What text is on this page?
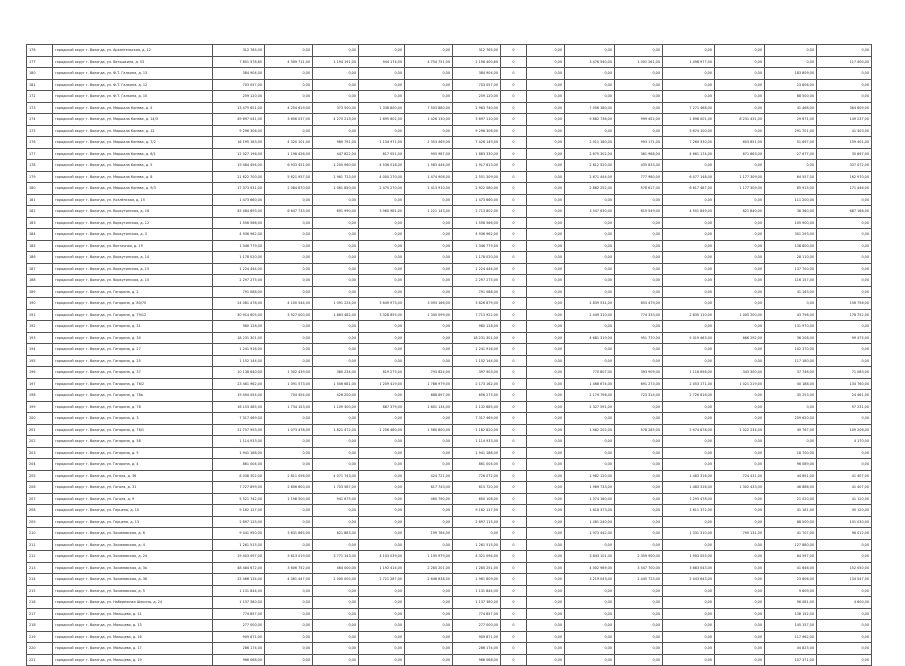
176	городской округ г. Вологда, ул. Архангельская, д. 12	312 765,00	0,00	0,00	0,00	0,00	312 765,00	0	0,00	0,00	0,00	0,00	0,00	0,00	0,00
177	городской округ г. Вологда, ул. Ветошкина, д. 53	7 851 578,60	4 309 711,00	1 194 191,00	944 174,00	4 754 751,00	2 196 400,60	0	0,00	3 476 540,00	1 001 261,00	1 498 977,00	0,00	0,00	117 400,00
180	городской округ г. Вологда, ул. Ф.Т. Галкина, д. 13	384 904,00	0,00	0,00	0,00	0,00	384 904,00	0	0,00	0,00	0,00	0,00	0,00	183 809,00	0,00
181	городской округ г. Вологда, ул. Ф.Т. Галкина, д. 12	703 057,00	0,00	0,00	0,00	0,00	703 057,00	0	0,00	0,00	0,00	0,00	0,00	23 806,00	0,00
172	городской округ г. Вологда, ул. Ф.Т. Галкина, д. 10	259 120,00	0,00	0,00	0,00	0,00	259 120,00	0	0,00	0,00	0,00	0,00	0,00	88 500,00	0,00
173	городской округ г. Вологда, ул. Маршала Конева, д. 4	13 475 651,00	4 254 619,00	373 500,00	1 338 800,00	7 503 880,00	1 963 740,00	0	0,00	7 056 180,00	0,00	7 271 468,00	0,00	41 468,00	364 609,00
174	городской округ г. Вологда, ул. Маршала Конева, д. 14/3	49 697 041,00	3 656 037,00	4 270 213,00	1 695 602,00	1 426 130,00	3 697 110,00	0	0,00	9 882 736,00	999 452,00	1 698 001,00	8 231 431,00	29 671,00	149 237,00
175	городской округ г. Вологда, ул. Маршала Конева, д. 12	9 296 306,00	0,00	0,00	0,00	0,00	9 296 306,00	0	0,00	0,00	0,00	5 674 100,00	0,00	291 701,00	41 303,00
176	городской округ г. Вологда, ул. Маршала Конева, д. 7/2	16 195 183,00	4 320 101,00	989 791,00	1 134 971,00	2 353 469,00	7 428 149,00	0	0,00	2 011 180,00	993 171,00	7 260 330,00	603 851,00	51 697,00	159 401,00
177	городской округ г. Вологда, ул. Маршала Конева, д. 6/1	12 027 196,00	1 198 426,00	447 822,00	817 051,00	905 987,00	1 883 330,00	0	0,00	2 675 302,00	361 988,00	4 661 174,00	671 663,00	27 677,00	35 697,00
178	городской округ г. Вологда, ул. Маршала Конева, д. 5	19 484 494,00	6 933 451,00	1 200 960,00	4 536 018,00	1 583 444,00	1 917 613,00	0	0,00	2 612 520,00	435 833,00	0,00	0,00	0,00	337 072,00
179	городской округ г. Вологда, ул. Маршала Конева, д. 8	21 622 700,00	5 621 957,00	1 961 723,00	4 000 270,00	1 474 908,00	2 551 309,00	0	0,00	2 671 444,00	777 980,00	6 477 148,00	1 177 309,00	64 557,00	162 970,00
180	городской округ г. Вологда, ул. Маршала Конева, д. 9/3	17 373 931,00	2 084 870,00	1 061 850,00	2 475 270,00	1 413 910,00	2 922 080,00	0	0,00	2 862 252,00	578 617,00	6 617 487,00	1 177 309,00	65 915,00	171 446,00
181	городской округ г. Вологда, ул. Козлёнская, д. 15	1 473 660,00	0,00	0,00	0,00	0,00	1 473 660,00	0	0,00	0,00	0,00	0,00	0,00	111 200,00	0,00
182	городской округ г. Вологда, ул. Воркутинская, д. 16	45 484 693,00	6 647 733,00	691 990,00	3 960 981,00	1 221 143,00	2 713 802,00	0	0,00	3 547 630,00	619 549,00	4 551 849,00	821 840,00	36 360,00	687 168,00
183	городской округ г. Вологда, ул. Воркутинская, д. 12	1 556 566,00	0,00	0,00	0,00	0,00	1 556 566,00	0	0,00	0,00	0,00	0,00	0,00	105 900,00	0,00
184	городской округ г. Вологда, ул. Воркутинская, д. 3	4 936 962,00	0,00	0,00	0,00	0,00	4 936 962,00	0	0,00	0,00	0,00	0,00	0,00	301 293,00	0,00
185	городской округ г. Вологда, ул. Восточная, д. 19	1 346 779,00	0,00	0,00	0,00	0,00	1 346 779,00	0	0,00	0,00	0,00	0,00	0,00	138 600,00	0,00
186	городской округ г. Вологда, ул. Воркутинская, д. 14	1 178 020,00	0,00	0,00	0,00	0,00	1 178 020,00	0	0,00	0,00	0,00	0,00	0,00	28 110,00	0,00
187	городской округ г. Вологда, ул. Воркутинская, д. 15	1 224 444,00	0,00	0,00	0,00	0,00	1 224 444,00	0	0,00	0,00	0,00	0,00	0,00	137 700,00	0,00
188	городской округ г. Вологда, ул. Воркутинская, д. 10	2 297 275,00	0,00	0,00	0,00	0,00	2 297 275,00	0	0,00	0,00	0,00	0,00	0,00	116 157,00	0,00
189	городской округ г. Вологда, ул. Гагарина, д. 2	791 088,00	0,00	0,00	0,00	0,00	791 088,00	0	0,00	0,00	0,00	0,00	0,00	41 163,00	0,00
190	городской округ г. Вологда, ул. Гагарина, д. 80/70	24 081 478,00	4 100 544,00	1 091 224,00	3 649 973,00	3 093 166,00	3 826 879,00	0	0,00	2 839 531,00	653 479,00	0,00	0,00	0,00	156 756,00
191	городской округ г. Вологда, ул. Гагарина, д. 79/12	30 914 605,00	3 927 000,00	1 863 482,00	3 328 855,00	1 345 099,00	7 713 922,00	0	0,00	2 449 310,00	774 333,00	2 835 110,00	1 005 200,00	43 796,00	178 752,00
192	городской округ г. Вологда, ул. Гагарина, д. 31	980 128,00	0,00	0,00	0,00	0,00	980 128,00	0	0,00	0,00	0,00	0,00	0,00	131 970,00	0,00
193	городской округ г. Вологда, ул. Гагарина, д. 30	18 231 301,00	0,00	0,00	0,00	0,00	18 231 301,00	0	0,00	4 681 319,00	951 770,00	5 019 463,00	666 292,00	36 208,00	99 475,00
194	городской округ г. Вологда, ул. Гагарина, д. 27	1 241 916,00	0,00	0,00	0,00	0,00	1 241 916,00	0	0,00	0,00	0,00	0,00	0,00	102 370,00	0,00
195	городской округ г. Вологда, ул. Гагарина, д. 25	1 152 144,00	0,00	0,00	0,00	0,00	1 152 144,00	0	0,00	0,00	0,00	0,00	0,00	117 180,00	0,00
196	городской округ г. Вологда, ул. Гагарина, д. 37	10 138 640,00	1 302 439,00	380 234,00	819 275,00	793 824,00	397 903,00	0	0,00	770 807,00	393 909,00	1 118 656,00	343 300,00	37 746,00	71 083,00
197	городской округ г. Вологда, ул. Гагарина, д. 76/2	23 461 962,00	1 091 573,00	1 506 681,00	1 209 419,00	1 786 979,00	2 173 162,00	0	0,00	1 468 674,00	691 273,00	2 453 171,00	1 021 219,00	40 188,00	134 760,00
198	городской округ г. Вологда, ул. Гагарина, д. 78а	19 494 054,00	704 454,00	426 200,00	0,00	688 697,00	656 275,00	0	0,00	2 174 796,00	723 314,00	2 726 616,00	0,00	35 253,00	24 461,00
199	городской округ г. Вологда, ул. Гагарина, д. 78	16 153 485,00	1 734 153,00	1 109 300,00	887 379,00	1 601 134,00	2 132 885,00	0	0,00	2 327 591,00	0,00	0,00	0,00	0,00	97 231,00
200	городской округ г. Вологда, ул. Гагарина, д. 3	7 317 469,00	0,00	0,00	0,00	0,00	7 317 469,00	0	0,00	0,00	0,00	0,00	0,00	259 620,00	0,00
201	городской округ г. Вологда, ул. Гагарина, д. 76/1	21 757 993,00	1 073 478,00	1 821 472,00	1 256 460,00	1 560 800,00	1 182 820,00	0	0,00	1 462 202,00	578 285,00	2 474 678,00	1 022 234,00	49 767,00	109 206,00
202	городской округ г. Вологда, ул. Гагарина, д. 58	1 114 933,00	0,00	0,00	0,00	0,00	1 114 933,00	0	0,00	0,00	0,00	0,00	0,00	0,00	4 170,00
203	городской округ г. Вологда, ул. Гагарина, д. 5	1 941 188,00	0,00	0,00	0,00	0,00	1 941 188,00	0	0,00	0,00	0,00	0,00	0,00	18 700,00	0,00
204	городской округ г. Вологда, ул. Гагарина, д. 4	861 004,00	0,00	0,00	0,00	0,00	861 004,00	0	0,00	0,00	0,00	0,00	0,00	96 089,00	0,00
205	городской округ г. Вологда, ул. Гоголя, д. 36	8 038 302,00	2 811 056,00	4 071 743,00	0,00	424 721,00	726 072,00	0	0,00	1 982 120,00	0,00	1 483 316,00	724 431,00	44 891,00	41 407,00
206	городской округ г. Вологда, ул. Гоголя, д. 31	7 727 899,00	2 806 600,00	1 703 587,00	0,00	617 743,00	615 720,00	0	0,00	1 969 733,00	0,00	1 483 316,00	1 302 433,00	46 886,00	41 407,00
207	городской округ г. Вологда, ул. Гоголя, д. 9	5 521 742,00	1 198 500,00	941 675,00	0,00	460 790,00	650 108,00	0	0,00	1 374 180,00	0,00	1 293 478,00	0,00	21 020,00	41 120,00
208	городской округ г. Вологда, ул. Герцена, д. 15	9 182 127,00	0,00	0,00	0,00	0,00	9 182 127,00	0	0,00	1 618 373,00	0,00	1 611 372,00	0,00	41 181,00	45 120,00
209	городской округ г. Вологда, ул. Герцена, д. 13	2 897 115,00	0,00	0,00	0,00	0,00	2 897 115,00	0	0,00	1 481 240,00	0,00	0,00	0,00	88 500,00	101 030,00
210	городской округ г. Вологда, ул. Зосимовская, д. 6	9 441 950,00	3 631 865,00	621 883,00	0,00	199 784,00	0,00	0	0,00	1 973 442,00	0,00	1 331 310,00	790 131,00	41 707,00	96 012,00
211	городской округ г. Вологда, ул. Зосимовская, д. 4	1 261 515,00	0,00	0,00	0,00	0,00	1 261 515,00	0	0,00	0,00	0,00	0,00	0,00	127 880,00	0,00
212	городской округ г. Вологда, ул. Зосимовская, д. 24	19 403 097,00	3 613 019,00	3 771 143,00	4 103 039,00	1 195 979,00	4 321 094,00	0	0,00	3 843 101,00	2 359 900,00	1 993 055,00	0,00	84 597,00	0,00
213	городской округ г. Вологда, ул. Зосимовская, д. 3а	48 484 672,00	3 606 752,00	464 000,00	1 192 414,00	2 285 201,00	1 285 251,00	0	0,00	4 002 989,00	3 547 700,00	3 683 043,00	0,00	41 646,00	152 050,00
214	городской округ г. Вологда, ул. Зосимовская, д. 36	25 466 134,00	4 061 447,00	2 000 000,00	2 721 287,00	2 646 638,00	1 961 809,00	0	0,00	3 219 043,00	2 445 723,00	2 443 643,00	0,00	23 606,00	134 547,00
215	городской округ г. Вологда, ул. Зосимовская, д. 5	1 131 844,00	0,00	0,00	0,00	0,00	1 131 844,00	0	0,00	0,00	0,00	0,00	0,00	9 609,00	0,00
216	городской округ г. Вологда, ул. Набережная Шексны, д. 24	1 137 380,00	0,00	0,00	0,00	0,00	1 137 380,00	0	0,00	0,00	0,00	0,00	0,00	96 081,00	4 600,00
217	городской округ г. Вологда, ул. Мальцева, д. 11	774 857,00	0,00	0,00	0,00	0,00	774 857,00	0	0,00	0,00	0,00	0,00	0,00	138 152,00	0,00
218	городской округ г. Вологда, ул. Мальцева, д. 13	277 000,00	0,00	0,00	0,00	0,00	277 000,00	0	0,00	0,00	0,00	0,00	0,00	145 157,00	0,00
219	городской округ г. Вологда, ул. Мальцева, д. 16	909 871,00	0,00	0,00	0,00	0,00	909 871,00	0	0,00	0,00	0,00	0,00	0,00	117 962,00	0,00
220	городской округ г. Вологда, ул. Мальцева, д. 17	286 174,00	0,00	0,00	0,00	0,00	286 174,00	0	0,00	0,00	0,00	0,00	0,00	44 825,00	0,00
221	городской округ г. Вологда, ул. Мальцева, д. 19	966 068,00	0,00	0,00	0,00	0,00	966 068,00	0	0,00	0,00	0,00	0,00	0,00	107 371,00	0,00
